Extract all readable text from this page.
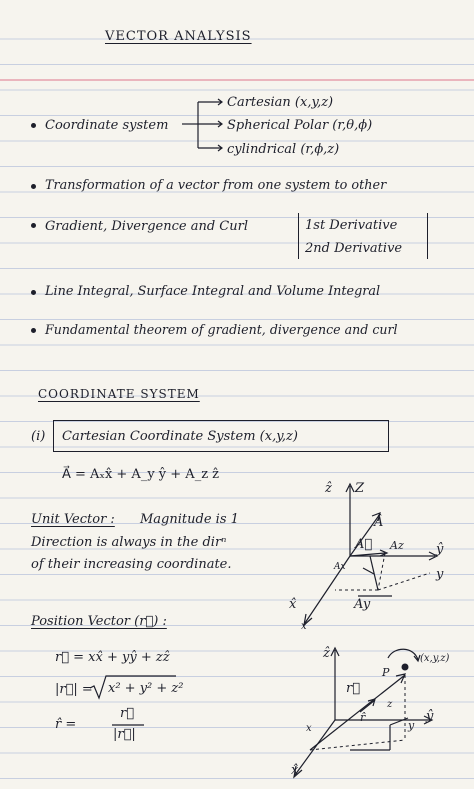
VECTOR ANALYSIS
Coordinate system
Cartesian (x,y,z)
Spherical Polar (r,θ,ϕ)
cylindrical (r,ϕ,z)
Transformation of a vector from one system to other
Gradient, Divergence and Curl	1st Derivative
2nd Derivative
Line Integral, Surface Integral and Volume Integral
Fundamental theorem of gradient, divergence and curl
COORDINATE SYSTEM
(i) Cartesian Coordinate System (x,y,z)
A⃗ = Aₓx̂ + A_y ŷ + A_z ẑ
Unit Vector : Magnitude is 1
Direction is always in the dirⁿ
of their increasing coordinate.
ẑ Z
Â
A⃗ Az ŷ
y
Ax
Ay
x̂
x
Position Vector (r⃗) :
r⃗ = xx̂ + yŷ + zẑ
|r⃗| = x² + y² + z²
r̂ =
r⃗
|r⃗|
(x,y,z)
P
r⃗
r̂
ẑ
z
y
ŷ
x
x̂
